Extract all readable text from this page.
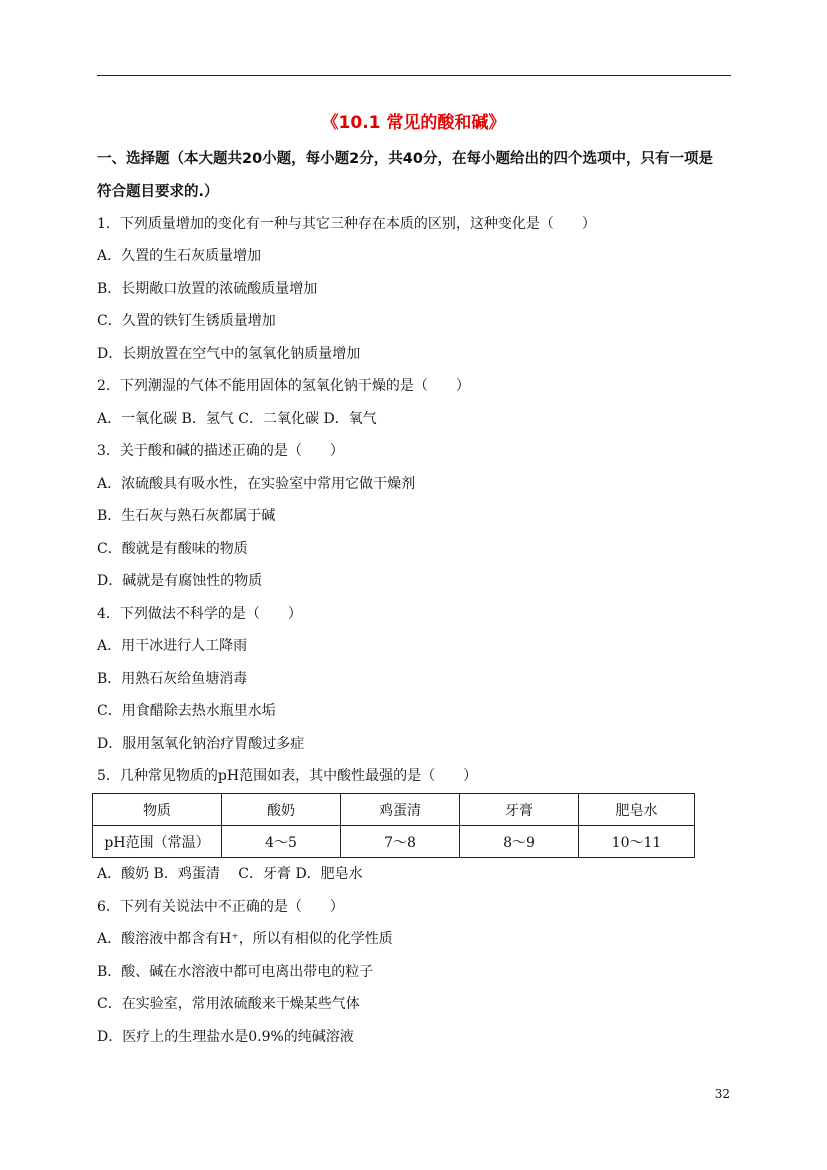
《10.1 常见的酸和碱》
一、选择题（本大题共20小题，每小题2分，共40分，在每小题给出的四个选项中，只有一项是
符合题目要求的.）
1．下列质量增加的变化有一种与其它三种存在本质的区别，这种变化是（　　）
A．久置的生石灰质量增加
B．长期敞口放置的浓硫酸质量增加
C．久置的铁钉生锈质量增加
D．长期放置在空气中的氢氧化钠质量增加
2．下列潮湿的气体不能用固体的氢氧化钠干燥的是（　　）
A．一氧化碳 B．氢气 C．二氧化碳 D．氧气
3．关于酸和碱的描述正确的是（　　）
A．浓硫酸具有吸水性，在实验室中常用它做干燥剂
B．生石灰与熟石灰都属于碱
C．酸就是有酸味的物质
D．碱就是有腐蚀性的物质
4．下列做法不科学的是（　　）
A．用干冰进行人工降雨
B．用熟石灰给鱼塘消毒
C．用食醋除去热水瓶里水垢
D．服用氢氧化钠治疗胃酸过多症
5．几种常见物质的pH范围如表，其中酸性最强的是（　　）
物质	酸奶	鸡蛋清	牙膏	肥皂水
pH范围（常温）	4～5	7～8	8～9	10～11
A．酸奶 B．鸡蛋清　 C．牙膏 D．肥皂水
6．下列有关说法中不正确的是（　　）
A．酸溶液中都含有H⁺，所以有相似的化学性质
B．酸、碱在水溶液中都可电离出带电的粒子
C．在实验室，常用浓硫酸来干燥某些气体
D．医疗上的生理盐水是0.9%的纯碱溶液
32
